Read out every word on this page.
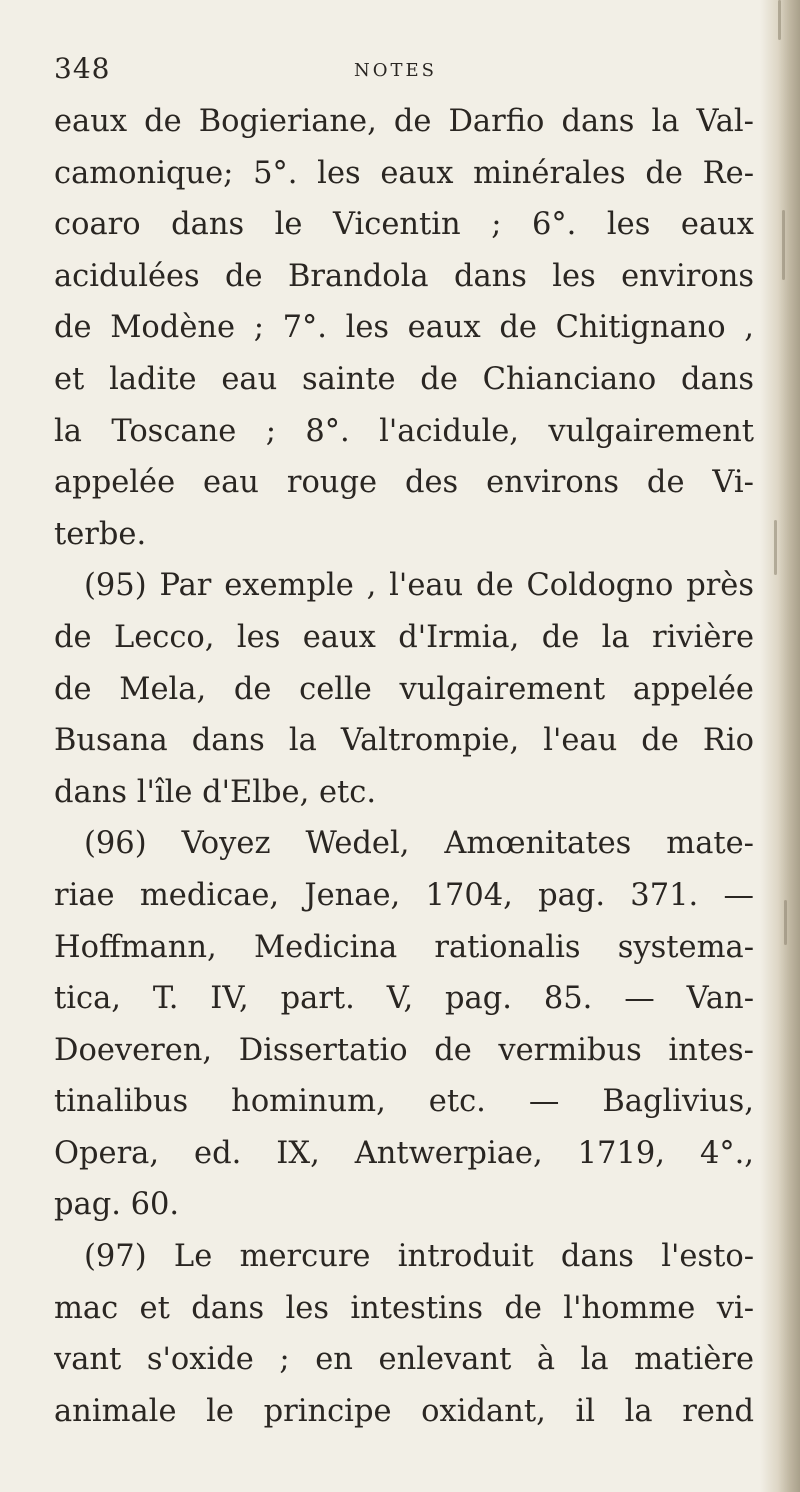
348	NOTES
eaux de Bogieriane, de Darfio dans la Val-
camonique; 5°. les eaux minérales de Re-
coaro dans le Vicentin ; 6°. les eaux
acidulées de Brandola dans les environs
de Modène ; 7°. les eaux de Chitignano ,
et ladite eau sainte de Chianciano dans
la Toscane ; 8°. l'acidule, vulgairement
appelée eau rouge des environs de Vi-
terbe.
(95) Par exemple , l'eau de Coldogno près
de Lecco, les eaux d'Irmia, de la rivière
de Mela, de celle vulgairement appelée
Busana dans la Valtrompie, l'eau de Rio
dans l'île d'Elbe, etc.
(96) Voyez Wedel, Amœnitates mate-
riae medicae, Jenae, 1704, pag. 371. —
Hoffmann, Medicina rationalis systema-
tica, T. IV, part. V, pag. 85. — Van-
Doeveren, Dissertatio de vermibus intes-
tinalibus hominum, etc. — Baglivius,
Opera, ed. IX, Antwerpiae, 1719, 4°.,
pag. 60.
(97) Le mercure introduit dans l'esto-
mac et dans les intestins de l'homme vi-
vant s'oxide ; en enlevant à la matière
animale le principe oxidant, il la rend
